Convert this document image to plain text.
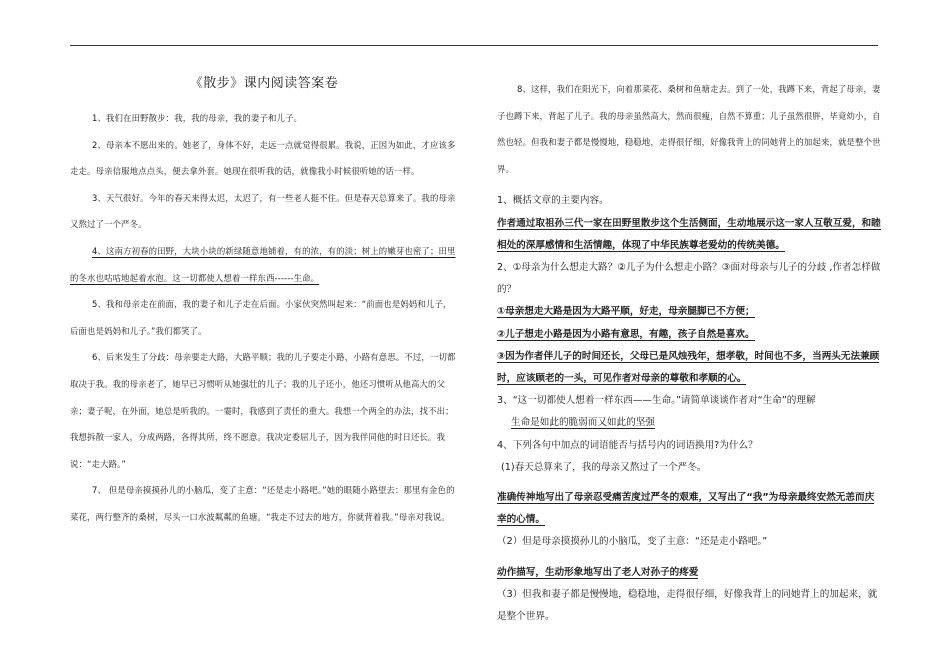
《散步》课内阅读答案卷

1、我们在田野散步：我，我的母亲，我的妻子和儿子。

2、母亲本不愿出来的。她老了，身体不好，走远一点就觉得很累。我说，正因为如此，才应该多走走。母亲信服地点点头，便去拿外套。她现在很听我的话，就像我小时候很听她的话一样。

3、天气很好。今年的春天来得太迟，太迟了，有一些老人挺不住。但是春天总算来了。我的母亲又熬过了一个严冬。

4、这南方初春的田野，大块小块的新绿随意地铺着，有的浓，有的淡；树上的嫩芽也密了；田里的冬水也咕咕地起着水泡。这一切都使人想着一样东西------生命。

5、我和母亲走在前面，我的妻子和儿子走在后面。小家伙突然叫起来：“前面也是妈妈和儿子，后面也是妈妈和儿子。”我们都笑了。

6、后来发生了分歧：母亲要走大路，大路平顺；我的儿子要走小路，小路有意思。不过，一切都取决于我。我的母亲老了，她早已习惯听从她强壮的儿子；我的儿子还小，他还习惯听从他高大的父亲；妻子呢，在外面，她总是听我的。一霎时，我感到了责任的重大。我想一个两全的办法，找不出；我想拆散一家人，分成两路，各得其所，终不愿意。我决定委屈儿子，因为我伴同他的时日还长。我说：“走大路。”

7、 但是母亲摸摸孙儿的小脑瓜，变了主意：“还是走小路吧。”她的眼随小路望去：那里有金色的菜花，两行整齐的桑树，尽头一口水波粼粼的鱼塘。“我走不过去的地方，你就背着我。”母亲对我说。

8、这样，我们在阳光下，向着那菜花、桑树和鱼塘走去。到了一处，我蹲下来，背起了母亲，妻子也蹲下来，背起了儿子。我的母亲虽然高大，然而很瘦，自然不算重；儿子虽然很胖，毕竟幼小，自然也轻。但我和妻子都是慢慢地，稳稳地，走得很仔细，好像我背上的同她背上的加起来，就是整个世界。

1、概括文章的主要内容。

作者通过取祖孙三代一家在田野里散步这个生活侧面，生动地展示这一家人互敬互爱，和睦相处的深厚感情和生活情趣，体现了中华民族尊老爱幼的传统美德。

2、①母亲为什么想走大路？②儿子为什么想走小路？③面对母亲与儿子的分歧 ,作者怎样做的？

①母亲想走大路是因为大路平顺，好走，母亲腿脚已不方便；

②儿子想走小路是因为小路有意思，有趣，孩子自然是喜欢。

③因为作者伴儿子的时间还长，父母已是风烛残年，想孝敬，时间也不多，当两头无法兼顾时，应该顾老的一头，可见作者对母亲的尊敬和孝顺的心。

3、“这一切都使人想着一样东西——生命。”请简单谈谈作者对“生命”的理解

生命是如此的脆弱而又如此的坚强

4、下列各句中加点的词语能否与括号内的词语换用?为什么？

(1)春天总算来了，我的母亲又熬过了一个严冬。

准确传神地写出了母亲忍受痛苦度过严冬的艰难，又写出了“我”为母亲最终安然无恙而庆幸的心情。

（2）但是母亲摸摸孙儿的小脑瓜，变了主意：“还是走小路吧。”

动作描写，生动形象地写出了老人对孙子的疼爱

（3）但我和妻子都是慢慢地，稳稳地，走得很仔细，好像我背上的同她背上的加起来，就是整个世界。
